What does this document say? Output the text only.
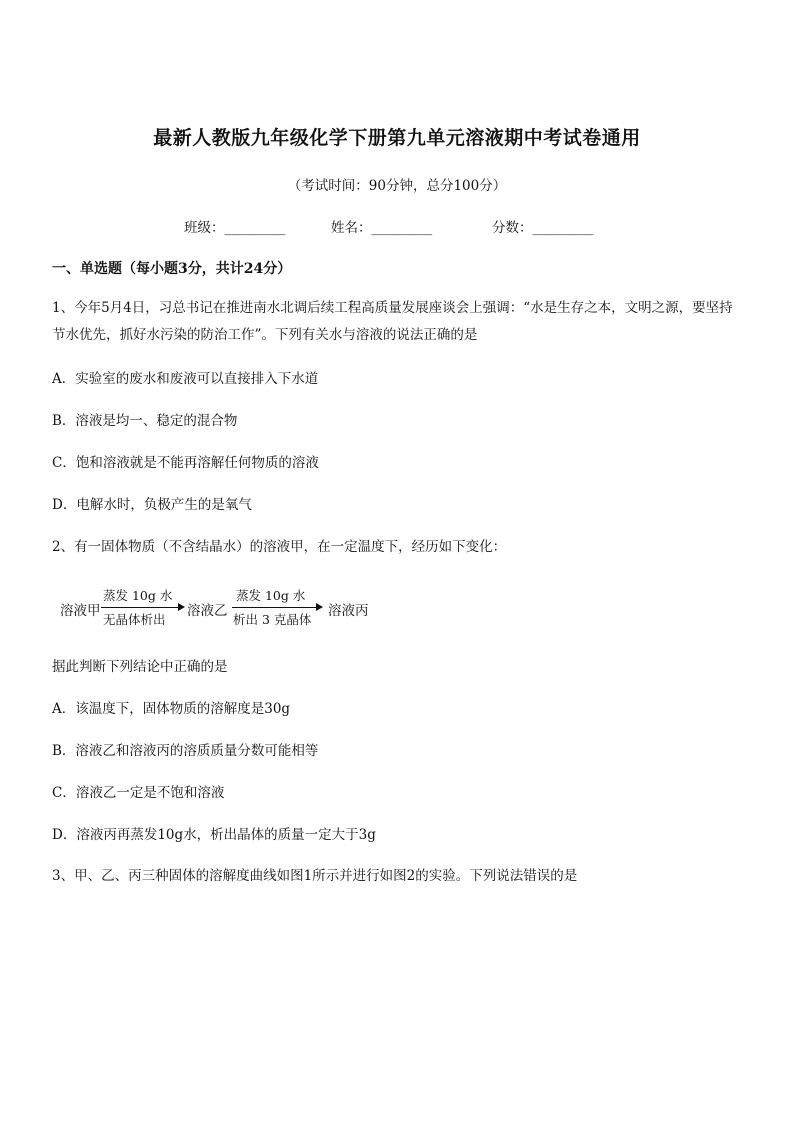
最新人教版九年级化学下册第九单元溶液期中考试卷通用
（考试时间：90分钟，总分100分）
班级：_________	姓名：_________	分数：_________
一、单选题（每小题3分，共计24分）
1、今年5月4日，习总书记在推进南水北调后续工程高质量发展座谈会上强调：“水是生存之本，文明之源，要坚持节水优先，抓好水污染的防治工作”。下列有关水与溶液的说法正确的是
A．实验室的废水和废液可以直接排入下水道
B．溶液是均一、稳定的混合物
C．饱和溶液就是不能再溶解任何物质的溶液
D．电解水时，负极产生的是氧气
2、有一固体物质（不含结晶水）的溶液甲，在一定温度下，经历如下变化：
溶液甲
蒸发 10g 水
无晶体析出
溶液乙
蒸发 10g 水
析出 3 克晶体
溶液丙
据此判断下列结论中正确的是
A．该温度下，固体物质的溶解度是30g
B．溶液乙和溶液丙的溶质质量分数可能相等
C．溶液乙一定是不饱和溶液
D．溶液丙再蒸发10g水，析出晶体的质量一定大于3g
3、甲、乙、丙三种固体的溶解度曲线如图1所示并进行如图2的实验。下列说法错误的是
